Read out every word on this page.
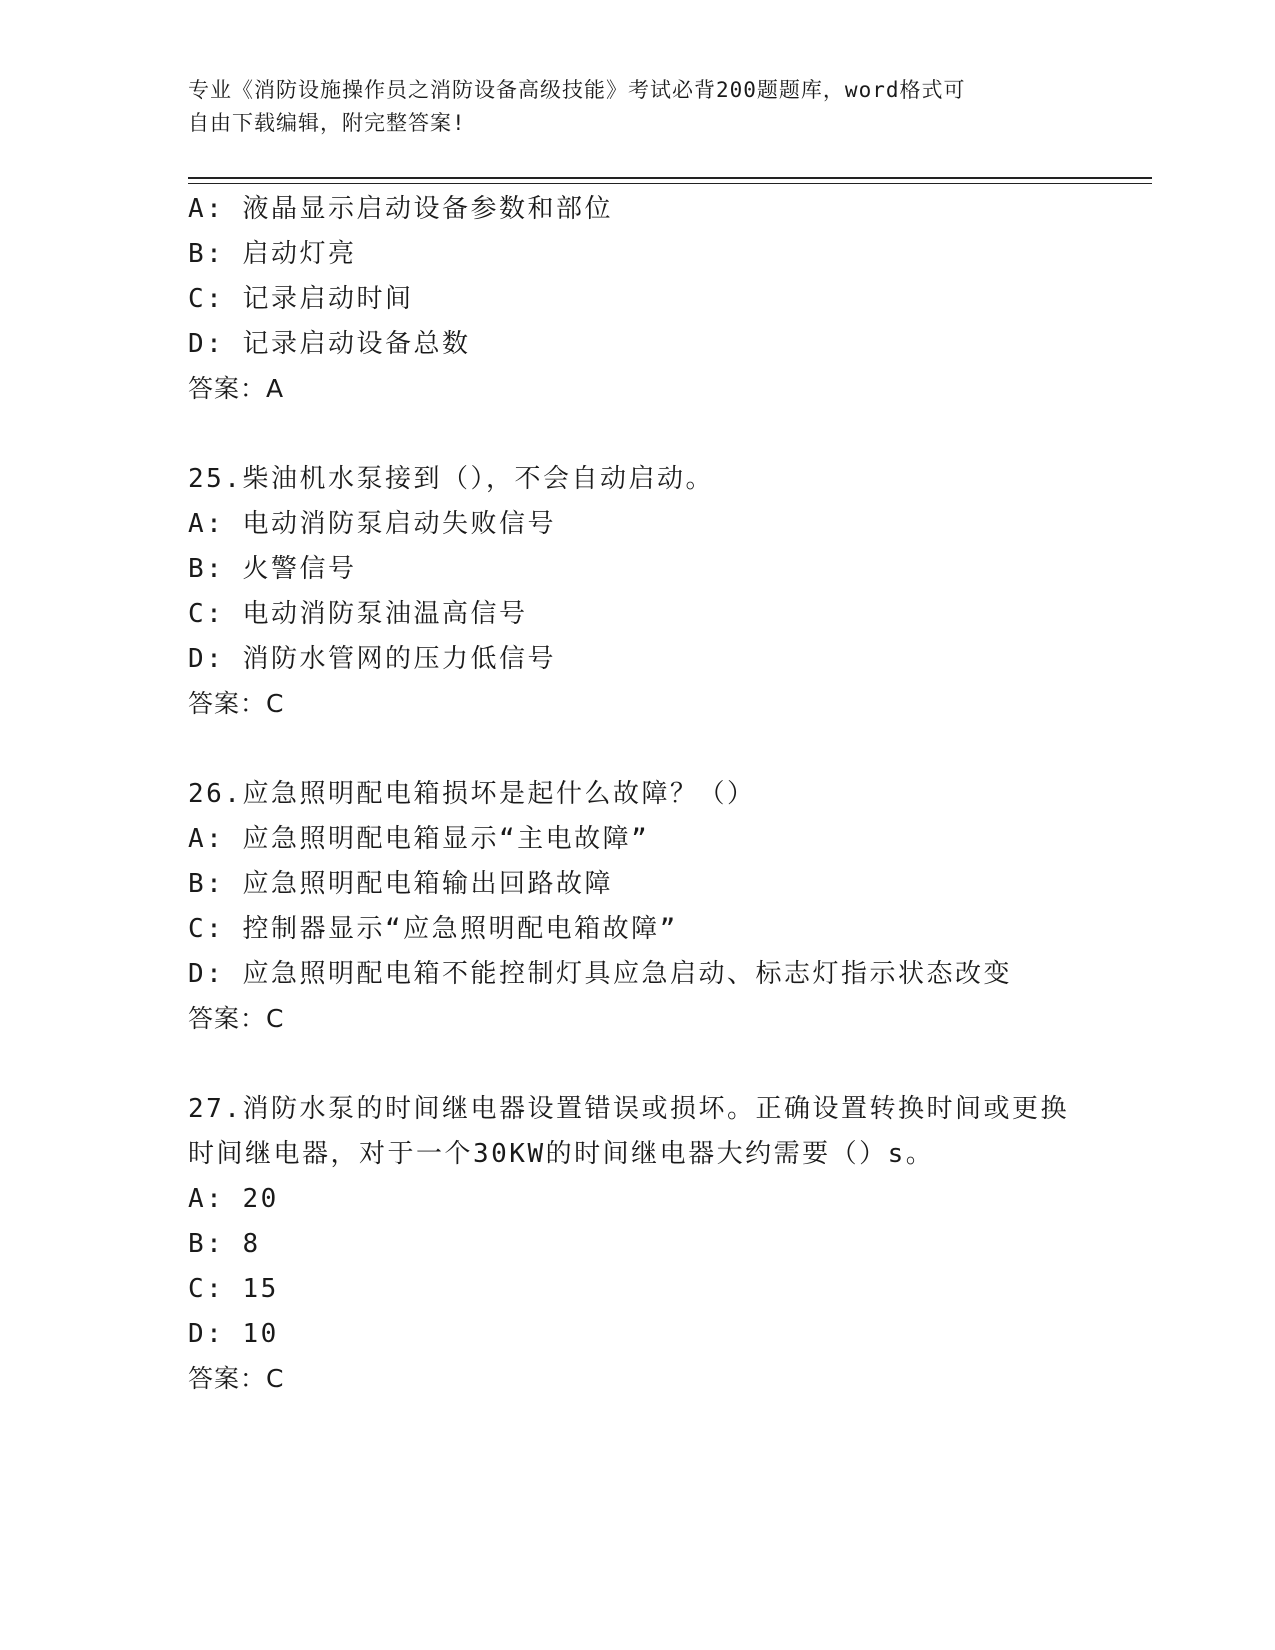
专业《消防设施操作员之消防设备高级技能》考试必背200题题库，word格式可
自由下载编辑，附完整答案!
A: 液晶显示启动设备参数和部位
B: 启动灯亮
C: 记录启动时间
D: 记录启动设备总数
答案：A
25.柴油机水泵接到（），不会自动启动。
A: 电动消防泵启动失败信号
B: 火警信号
C: 电动消防泵油温高信号
D: 消防水管网的压力低信号
答案：C
26.应急照明配电箱损坏是起什么故障？（）
A: 应急照明配电箱显示“主电故障”
B: 应急照明配电箱输出回路故障
C: 控制器显示“应急照明配电箱故障”
D: 应急照明配电箱不能控制灯具应急启动、标志灯指示状态改变
答案：C
27.消防水泵的时间继电器设置错误或损坏。正确设置转换时间或更换
时间继电器，对于一个30KW的时间继电器大约需要（）s。
A: 20
B: 8
C: 15
D: 10
答案：C
